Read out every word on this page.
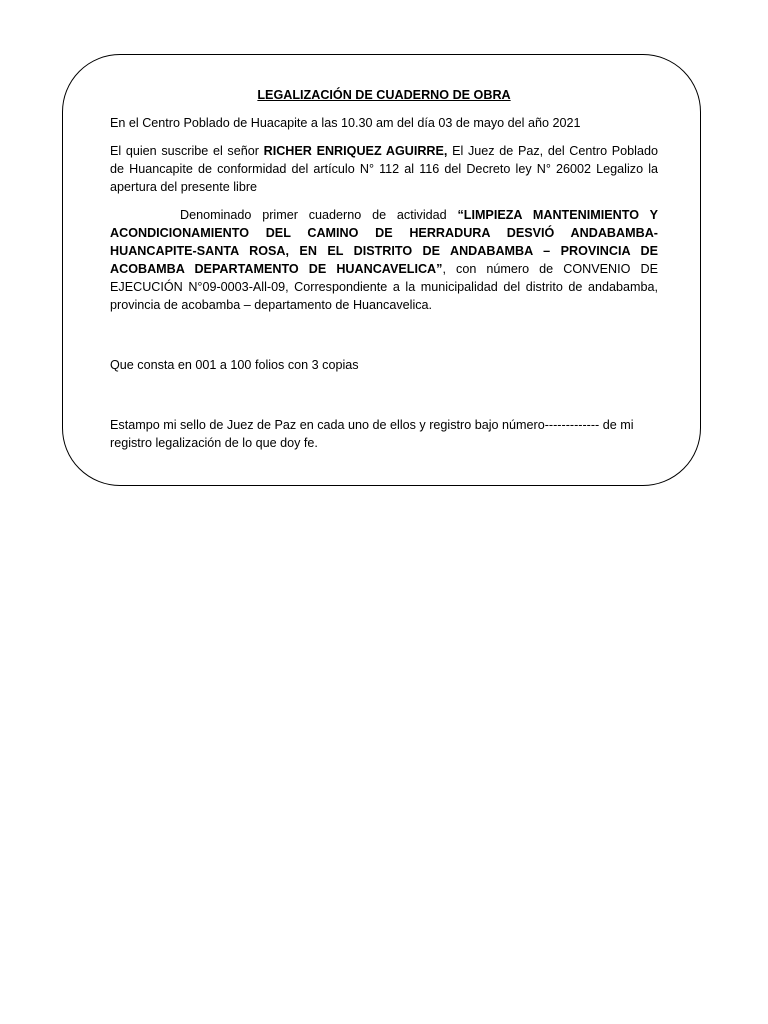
LEGALIZACIÓN DE CUADERNO DE OBRA

En el Centro Poblado de Huacapite a las 10.30 am del día 03 de mayo del año 2021

El quien suscribe el señor RICHER ENRIQUEZ AGUIRRE, El Juez de Paz, del Centro Poblado de Huancapite de conformidad del artículo N° 112 al 116 del Decreto ley N° 26002 Legalizo la apertura del presente libre

Denominado primer cuaderno de actividad “LIMPIEZA MANTENIMIENTO Y ACONDICIONAMIENTO DEL CAMINO DE HERRADURA DESVIÓ ANDABAMBA-HUANCAPITE-SANTA ROSA, EN EL DISTRITO DE ANDABAMBA – PROVINCIA DE ACOBAMBA DEPARTAMENTO DE HUANCAVELICA”, con número de CONVENIO DE EJECUCIÓN N°09-0003-All-09, Correspondiente a la municipalidad del distrito de andabamba, provincia de acobamba – departamento de Huancavelica.

Que consta en 001 a 100 folios con 3 copias

Estampo mi sello de Juez de Paz en cada uno de ellos y registro bajo número------------- de mi registro legalización de lo que doy fe.
